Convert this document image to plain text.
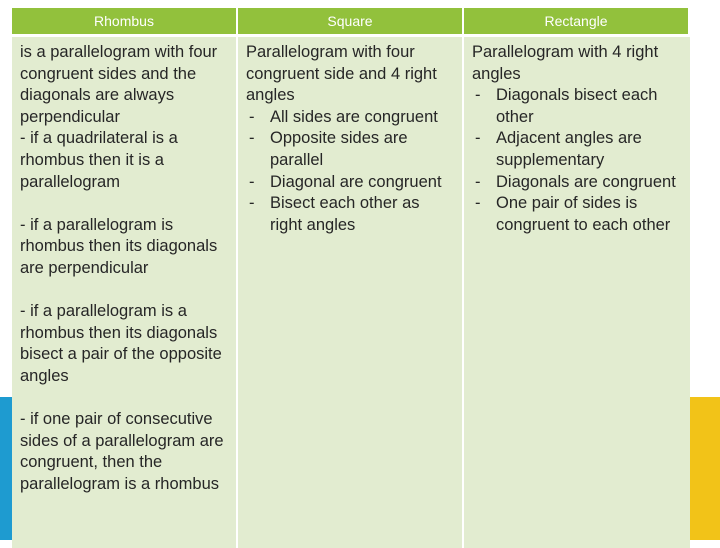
Rhombus	Square	Rectangle

is a parallelogram with four congruent sides and the diagonals are always perpendicular

- if a quadrilateral is a rhombus then it is a parallelogram

- if a parallelogram is rhombus then its diagonals are perpendicular

- if a parallelogram is a rhombus then its diagonals bisect a pair of the opposite angles

- if one pair of consecutive sides of a parallelogram are congruent, then the parallelogram is a rhombus

Parallelogram with four congruent side and 4 right angles

- All sides are congruent
- Opposite sides are parallel
- Diagonal are congruent
- Bisect each other as right angles

Parallelogram with 4 right angles

- Diagonals bisect each other
- Adjacent angles are supplementary
- Diagonals are congruent
- One pair of sides is congruent to each other
